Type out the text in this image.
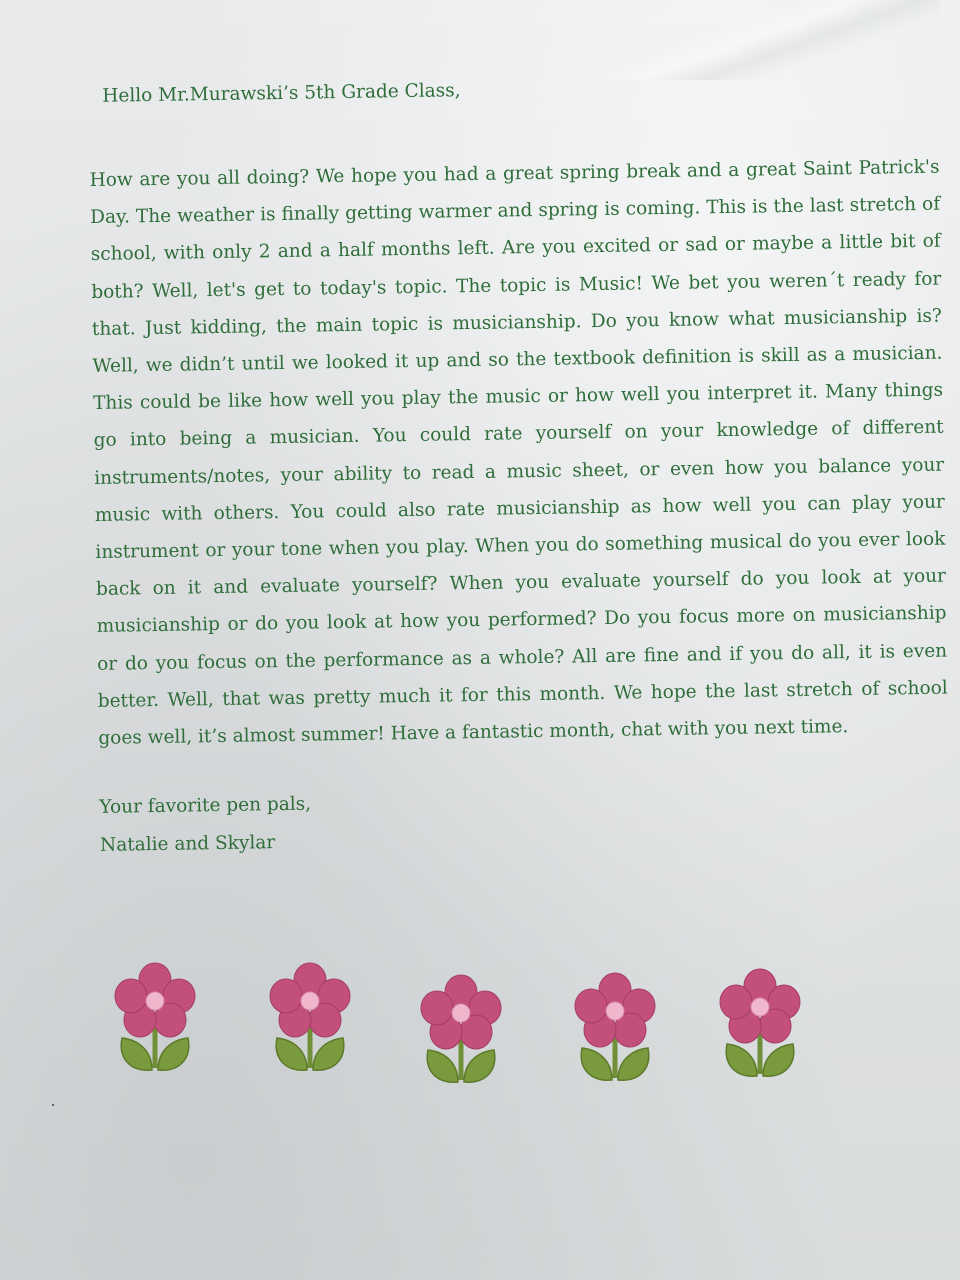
Hello Mr.Murawski’s 5th Grade Class,

How are you all doing? We hope you had a great spring break and a great Saint Patrick's Day. The weather is finally getting warmer and spring is coming. This is the last stretch of school, with only 2 and a half months left. Are you excited or sad or maybe a little bit of both? Well, let's get to today's topic. The topic is Music! We bet you weren´t ready for that. Just kidding, the main topic is musicianship. Do you know what musicianship is? Well, we didn’t until we looked it up and so the textbook definition is skill as a musician. This could be like how well you play the music or how well you interpret it. Many things go into being a musician. You could rate yourself on your knowledge of different instruments/notes, your ability to read a music sheet, or even how you balance your music with others. You could also rate musicianship as how well you can play your instrument or your tone when you play. When you do something musical do you ever look back on it and evaluate yourself? When you evaluate yourself do you look at your musicianship or do you look at how you performed? Do you focus more on musicianship or do you focus on the performance as a whole? All are fine and if you do all, it is even better. Well, that was pretty much it for this month. We hope the last stretch of school goes well, it’s almost summer! Have a fantastic month, chat with you next time.

Your favorite pen pals,

Natalie and Skylar
